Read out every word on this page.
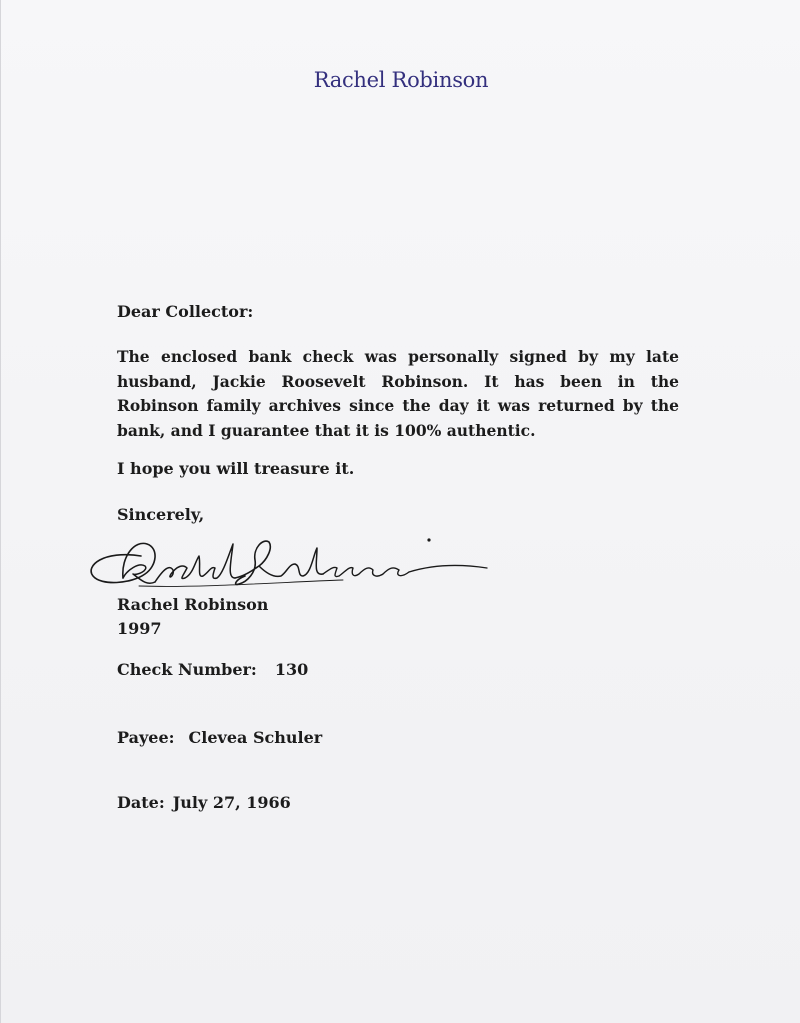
Rachel Robinson
Dear Collector:
The enclosed bank check was personally signed by my late husband, Jackie Roosevelt Robinson. It has been in the Robinson family archives since the day it was returned by the bank, and I guarantee that it is 100% authentic.
I hope you will treasure it.
Sincerely,
Rachel Robinson
1997
Check Number: 130
Payee: Clevea Schuler
Date: July 27, 1966
